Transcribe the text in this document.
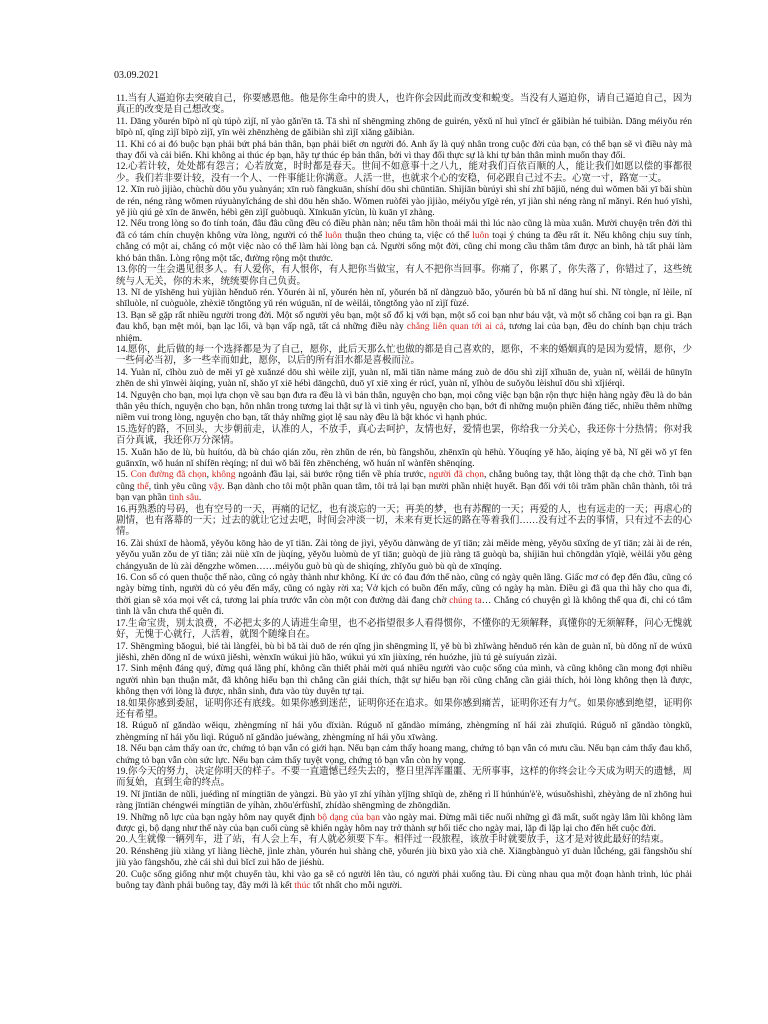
03.09.2021

11.当有人逼迫你去突破自己，你要感恩他。他是你生命中的贵人，也许你会因此而改变和蜕变。当没有人逼迫你，请自己逼迫自己，因为真正的改变是自己想改变。

11. Dāng yǒurén bīpò nǐ qù túpò zìjǐ, nǐ yào gǎn'ēn tā. Tā shì nǐ shēngmìng zhōng de guìrén, yěxǔ nǐ huì yīncǐ ér gǎibiàn hé tuìbiàn. Dāng méiyǒu rén bīpò nǐ, qǐng zìjǐ bīpò zìjǐ, yīn wèi zhēnzhèng de gǎibiàn shì zìjǐ xiǎng gǎibiàn.

11. Khi có ai đó buộc bạn phải bứt phá bản thân, bạn phải biết ơn người đó. Anh ấy là quý nhân trong cuộc đời của bạn, có thể bạn sẽ vì điều này mà thay đổi và cải biến. Khi không ai thúc ép bạn, hãy tự thúc ép bản thân, bởi vì thay đổi thực sự là khi tự bản thân mình muốn thay đổi.

12.心若计较，处处都有怨言；心若放宽，时时都是春天。世间不如意事十之八九，能对我们百依百顺的人，能让我们如愿以偿的事都很少。我们若非要计较，没有一个人、一件事能让你满意。人活一世，也就求个心的安稳，何必跟自己过不去。心宽一寸，路宽一丈。

12. Xīn ruò jìjiào, chùchù dōu yǒu yuànyán; xīn ruò fàngkuān, shíshí dōu shì chūntiān. Shìjiān bùrúyì shì shí zhī bājiǔ, néng duì wǒmen bǎi yī bǎi shùn de rén, néng ràng wǒmen rúyuànyǐcháng de shì dōu hěn shǎo. Wǒmen ruòfēi yào jìjiào, méiyǒu yīgè rén, yī jiàn shì néng ràng nǐ mǎnyì. Rén huó yīshì, yě jiù qiú gè xīn de ānwěn, hébì gēn zìjǐ guòbuqù. Xīnkuān yīcùn, lù kuān yī zhàng.

12. Nếu trong lòng so đo tính toán, đâu đâu cũng đều có điều phàn nàn; nếu tâm hồn thoải mái thì lúc nào cũng là mùa xuân. Mười chuyện trên đời thì đã có tám chín chuyện không vừa lòng, người có thể luôn thuận theo chúng ta, việc có thể luôn toại ý chúng ta đều rất ít. Nếu không chịu suy tính, chẳng có một ai, chẳng có một việc nào có thể làm hài lòng bạn cả. Người sống một đời, cũng chỉ mong cầu thâm tâm được an bình, hà tất phải làm khó bản thân. Lòng rộng một tấc, đường rộng một thước.

13.你的一生会遇见很多人。有人爱你，有人恨你，有人把你当做宝，有人不把你当回事。你痛了，你累了，你失落了，你错过了，这些统统与人无关，你的未来，统统要你自己负责。

13. Nǐ de yīshēng huì yùjiàn hěnduō rén. Yǒurén ài nǐ, yǒurén hèn nǐ, yǒurén bǎ nǐ dàngzuò bǎo, yǒurén bù bǎ nǐ dāng huí shì. Nǐ tòngle, nǐ lèile, nǐ shīluòle, nǐ cuòguòle, zhèxiē tǒngtǒng yǔ rén wúguān, nǐ de wèilái, tǒngtǒng yào nǐ zìjǐ fùzé.

13. Bạn sẽ gặp rất nhiều người trong đời. Một số người yêu bạn, một số đố kị với bạn, một số coi bạn như báu vật, và một số chẳng coi bạn ra gì. Bạn đau khổ, bạn mệt mỏi, bạn lạc lối, và bạn vấp ngã, tất cả những điều này chẳng liên quan tới ai cả, tương lai của bạn, đều do chính bạn chịu trách nhiệm.

14.愿你，此后做的每一个选择都是为了自己，愿你，此后天那么忙也做的都是自己喜欢的，愿你，不来的婚姻真的是因为爱情，愿你，少一些何必当初，多一些幸而如此，愿你，以后的所有泪水都是喜极而泣。

14. Yuàn nǐ, cǐhòu zuò de měi yī gè xuǎnzé dōu shì wèile zìjǐ, yuàn nǐ, mǎi tiān nàme máng zuò de dōu shì zìjǐ xǐhuān de, yuàn nǐ, wèilái de hūnyīn zhēn de shì yīnwèi àiqíng, yuàn nǐ, shǎo yī xiē hébì dāngchū, duō yī xiē xìng ér rúcǐ, yuàn nǐ, yǐhòu de suǒyǒu lèishuǐ dōu shì xǐjíérqì.

14. Nguyện cho bạn, mọi lựa chọn về sau bạn đưa ra đều là vì bản thân, nguyện cho bạn, mọi công việc bạn bận rộn thực hiện hàng ngày đều là do bản thân yêu thích, nguyện cho bạn, hôn nhân trong tương lai thật sự là vì tình yêu, nguyện cho bạn, bớt đi những muộn phiền đáng tiếc, nhiều thêm những niềm vui trong lòng, nguyện cho bạn, tất thảy những giọt lệ sau này đều là bật khóc vì hạnh phúc.

15.选好的路，不回头，大步朝前走，认准的人，不放手，真心去呵护，友情也好，爱情也罢，你给我一分关心，我还你十分热情；你对我百分真诚，我还你万分深情。

15. Xuǎn hǎo de lù, bù huítóu, dà bù cháo qián zǒu, rèn zhǔn de rén, bù fàngshǒu, zhēnxīn qù hēhù. Yǒuqíng yě hǎo, àiqíng yě bà, Nǐ gěi wǒ yī fēn guānxīn, wǒ huán nǐ shífēn rèqíng; nǐ duì wǒ bǎi fēn zhēnchéng, wǒ huán nǐ wànfēn shēnqíng.

15. Con đường đã chọn, không ngoảnh đầu lại, sải bước rộng tiến về phía trước, người đã chọn, chẳng buông tay, thật lòng thật dạ che chở. Tình bạn cũng thế, tình yêu cũng vậy. Bạn dành cho tôi một phần quan tâm, tôi trả lại bạn mười phần nhiệt huyết. Bạn đối với tôi trăm phần chân thành, tôi trả bạn vạn phần tình sâu.

16.再熟悉的号码，也有空号的一天，再痛的记忆，也有淡忘的一天；再美的梦，也有苏醒的一天；再爱的人，也有远走的一天；再虐心的剧情，也有落幕的一天；过去的就让它过去吧，时间会冲淡一切，未来有更长远的路在等着我们……没有过不去的事情，只有过不去的心情。

16. Zài shúxī de hàomǎ, yěyǒu kōng hào de yī tiān. Zài tòng de jìyì, yěyǒu dànwàng de yī tiān; zài měide mèng, yěyǒu sūxǐng de yī tiān; zài ài de rén, yěyǒu yuǎn zǒu de yī tiān; zài nüè xīn de jùqíng, yěyǒu luòmù de yī tiān; guòqù de jiù ràng tā guòqù ba, shíjiān huì chōngdàn yīqiè, wèilái yǒu gèng chángyuǎn de lù zài děngzhe wǒmen……méiyǒu guò bù qù de shìqíng, zhǐyǒu guò bù qù de xīnqíng.

16. Con số có quen thuộc thế nào, cũng có ngày thành như không. Kí ức có đau đớn thế nào, cũng có ngày quên lãng. Giấc mơ có đẹp đến đâu, cũng có ngày bừng tỉnh, người dù có yêu đến mấy, cũng có ngày rời xa; Vở kịch có buồn đến mấy, cũng có ngày hạ màn. Điều gì đã qua thì hãy cho qua đi, thời gian sẽ xóa mọi vết cả, tương lai phía trước vẫn còn một con đường dài đang chờ chúng ta… Chẳng có chuyện gì là không thể qua đi, chỉ có tâm tình là vẫn chưa thể quên đi.

17.生命宝贵，别太浪费，不必把太多的人请进生命里，也不必指望很多人看得惯你，不懂你的无须解释，真懂你的无须解释，问心无愧就好，无愧于心就行，人活着，就图个随缘自在。

17. Shēngmìng bǎoguì, bié tài làngfèi, bù bì bǎ tài duō de rén qǐng jìn shēngmìng lǐ, yě bù bì zhǐwàng hěnduō rén kàn de guàn nǐ, bù dǒng nǐ de wúxū jiěshì, zhēn dǒng nǐ de wúxū jiěshì, wènxīn wúkuì jiù hǎo, wúkuì yú xīn jiùxíng, rén huózhe, jiù tú gè suíyuán zìzài.

17. Sinh mệnh đáng quý, đừng quá lãng phí, không cần thiết phải mời quá nhiều người vào cuộc sống của mình, và cũng không cần mong đợi nhiều người nhìn bạn thuận mắt, đã không hiểu bạn thì chẳng cần giải thích, thật sự hiểu bạn rồi cũng chẳng cần giải thích, hỏi lòng không thẹn là được, không thẹn với lòng là được, nhân sinh, đưa vào tùy duyên tự tại.

18.如果你感到委屈，证明你还有底线。如果你感到迷茫，证明你还在追求。如果你感到痛苦，证明你还有力气。如果你感到绝望，证明你还有希望。

18. Rúguǒ nǐ gǎndào wěiqu, zhèngmíng nǐ hái yǒu dǐxiàn. Rúguǒ nǐ gǎndào mímáng, zhèngmíng nǐ hái zài zhuīqiú. Rúguǒ nǐ gǎndào tòngkǔ, zhèngmíng nǐ hái yǒu lìqì. Rúguǒ nǐ gǎndào juéwàng, zhèngmíng nǐ hái yǒu xīwàng.

18. Nếu bạn cảm thấy oan ức, chứng tỏ bạn vẫn có giới hạn. Nếu bạn cảm thấy hoang mang, chứng tỏ bạn vẫn có mưu cầu. Nếu bạn cảm thấy đau khổ, chứng tỏ bạn vẫn còn sức lực. Nếu bạn cảm thấy tuyệt vọng, chứng tỏ bạn vẫn còn hy vọng.

19.你今天的努力，决定你明天的样子。不要一直遗憾已经失去的，整日里浑浑噩噩、无所事事，这样的你终会让今天成为明天的遗憾，周而复始，直到生命的终点。

19. Nǐ jīntiān de nǔlì, juédìng nǐ míngtiān de yàngzi. Bù yào yī zhí yíhàn yǐjīng shīqù de, zhěng rì lǐ húnhún'è'è, wúsuǒshìshì, zhèyàng de nǐ zhōng huì ràng jīntiān chéngwéi míngtiān de yíhàn, zhōu'érfùshǐ, zhídào shēngmìng de zhōngdiǎn.

19. Những nỗ lực của bạn ngày hôm nay quyết định bộ dạng của bạn vào ngày mai. Đừng mãi tiếc nuối những gì đã mất, suốt ngày lâm lũi không làm được gì, bộ dạng như thế này của bạn cuối cùng sẽ khiến ngày hôm nay trở thành sự hối tiếc cho ngày mai, lặp đi lặp lại cho đến hết cuộc đời.

20.人生就像一辆列车，进了站，有人会上车，有人就必须要下车。相伴过一段旅程，该放手时就要放手，这才是对彼此最好的结束。

20. Rénshēng jiù xiàng yī liàng lièchē, jìnle zhàn, yǒurén huì shàng chē, yǒurén jiù bìxū yào xià chē. Xiāngbànguò yī duàn lǚchéng, gāi fàngshǒu shí jiù yào fàngshǒu, zhè cái shì duì bǐcǐ zuì hǎo de jiéshù.

20. Cuộc sống giống như một chuyến tàu, khi vào ga sẽ có người lên tàu, có người phải xuống tàu. Đi cùng nhau qua một đoạn hành trình, lúc phải buông tay đành phải buông tay, đây mới là kết thúc tốt nhất cho mỗi người.
